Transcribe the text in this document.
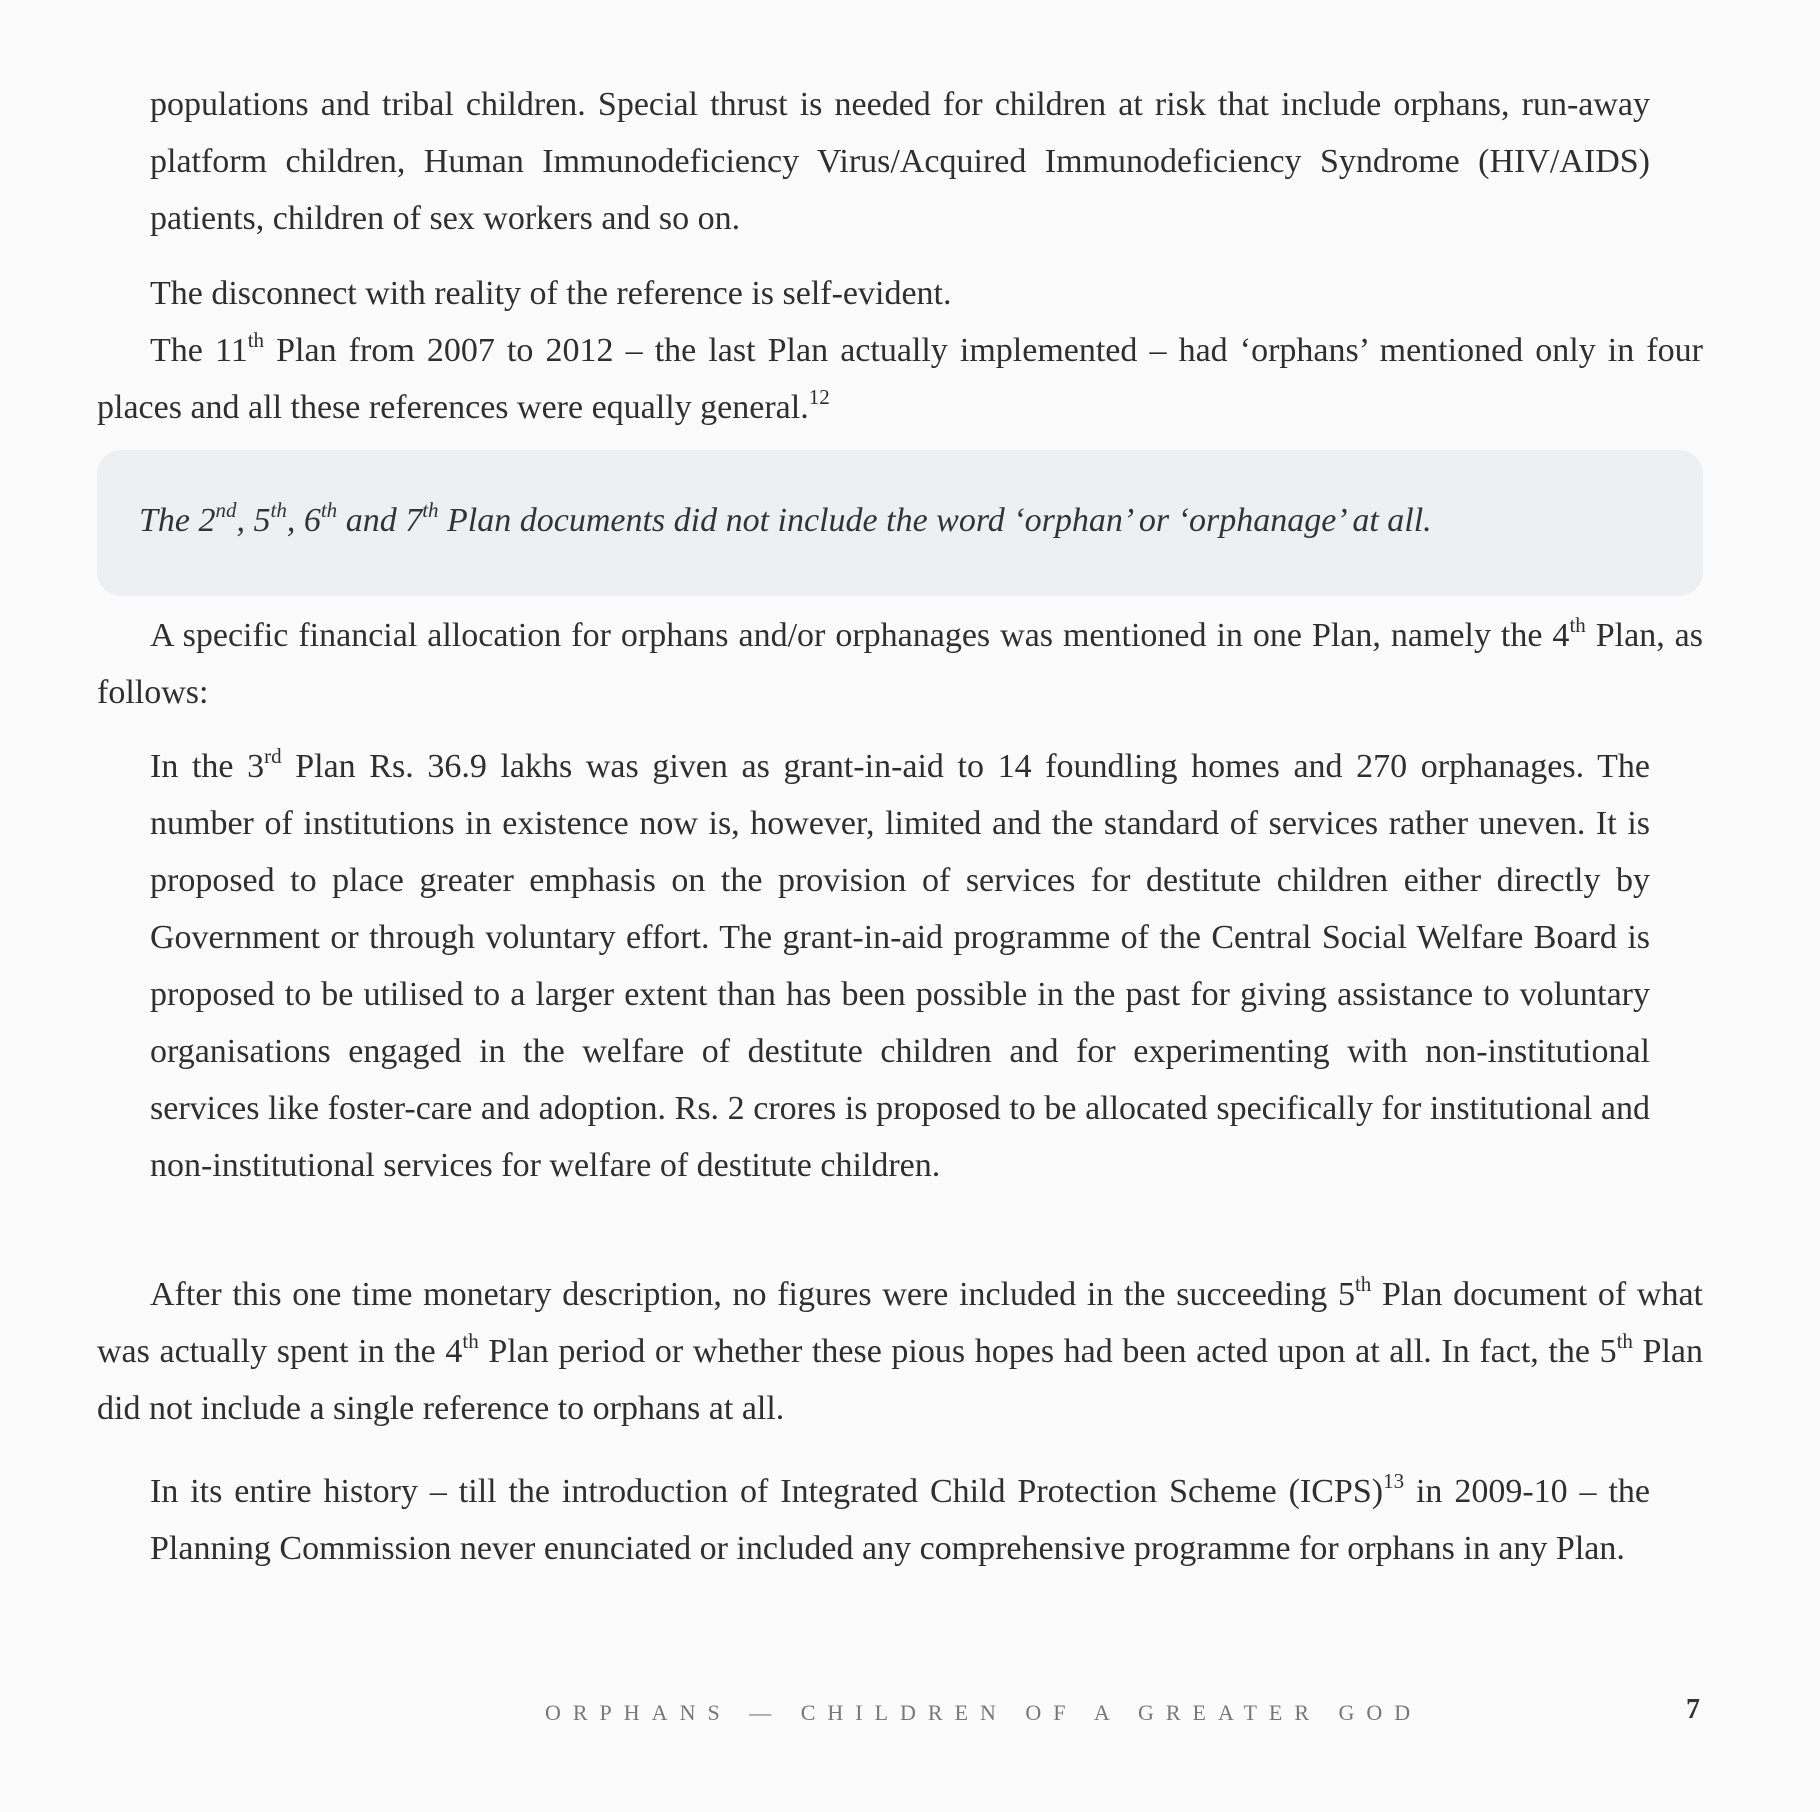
populations and tribal children. Special thrust is needed for children at risk that include orphans, run-away platform children, Human Immunodeficiency Virus/Acquired Immunodeficiency Syndrome (HIV/AIDS) patients, children of sex workers and so on.

The disconnect with reality of the reference is self-evident.

The 11th Plan from 2007 to 2012 – the last Plan actually implemented – had ‘orphans’ mentioned only in four places and all these references were equally general.$^{12}$

The 2nd, 5th, 6th and 7th Plan documents did not include the word ‘orphan’ or ‘orphanage’ at all.

A specific financial allocation for orphans and/or orphanages was mentioned in one Plan, namely the 4th Plan, as follows:

In the 3rd Plan Rs. 36.9 lakhs was given as grant-in-aid to 14 foundling homes and 270 orphanages. The number of institutions in existence now is, however, limited and the standard of services rather uneven. It is proposed to place greater emphasis on the provision of services for destitute children either directly by Government or through voluntary effort. The grant-in-aid programme of the Central Social Welfare Board is proposed to be utilised to a larger extent than has been possible in the past for giving assistance to voluntary organisations engaged in the welfare of destitute children and for experimenting with non-institutional services like foster-care and adoption. Rs. 2 crores is proposed to be allocated specifically for institutional and non-institutional services for welfare of destitute children.

After this one time monetary description, no figures were included in the succeeding 5th Plan document of what was actually spent in the 4th Plan period or whether these pious hopes had been acted upon at all. In fact, the 5th Plan did not include a single reference to orphans at all.

In its entire history – till the introduction of Integrated Child Protection Scheme (ICPS)$^{13}$ in 2009-10 – the Planning Commission never enunciated or included any comprehensive programme for orphans in any Plan.

ORPHANS — CHILDREN OF A GREATER GOD	7
